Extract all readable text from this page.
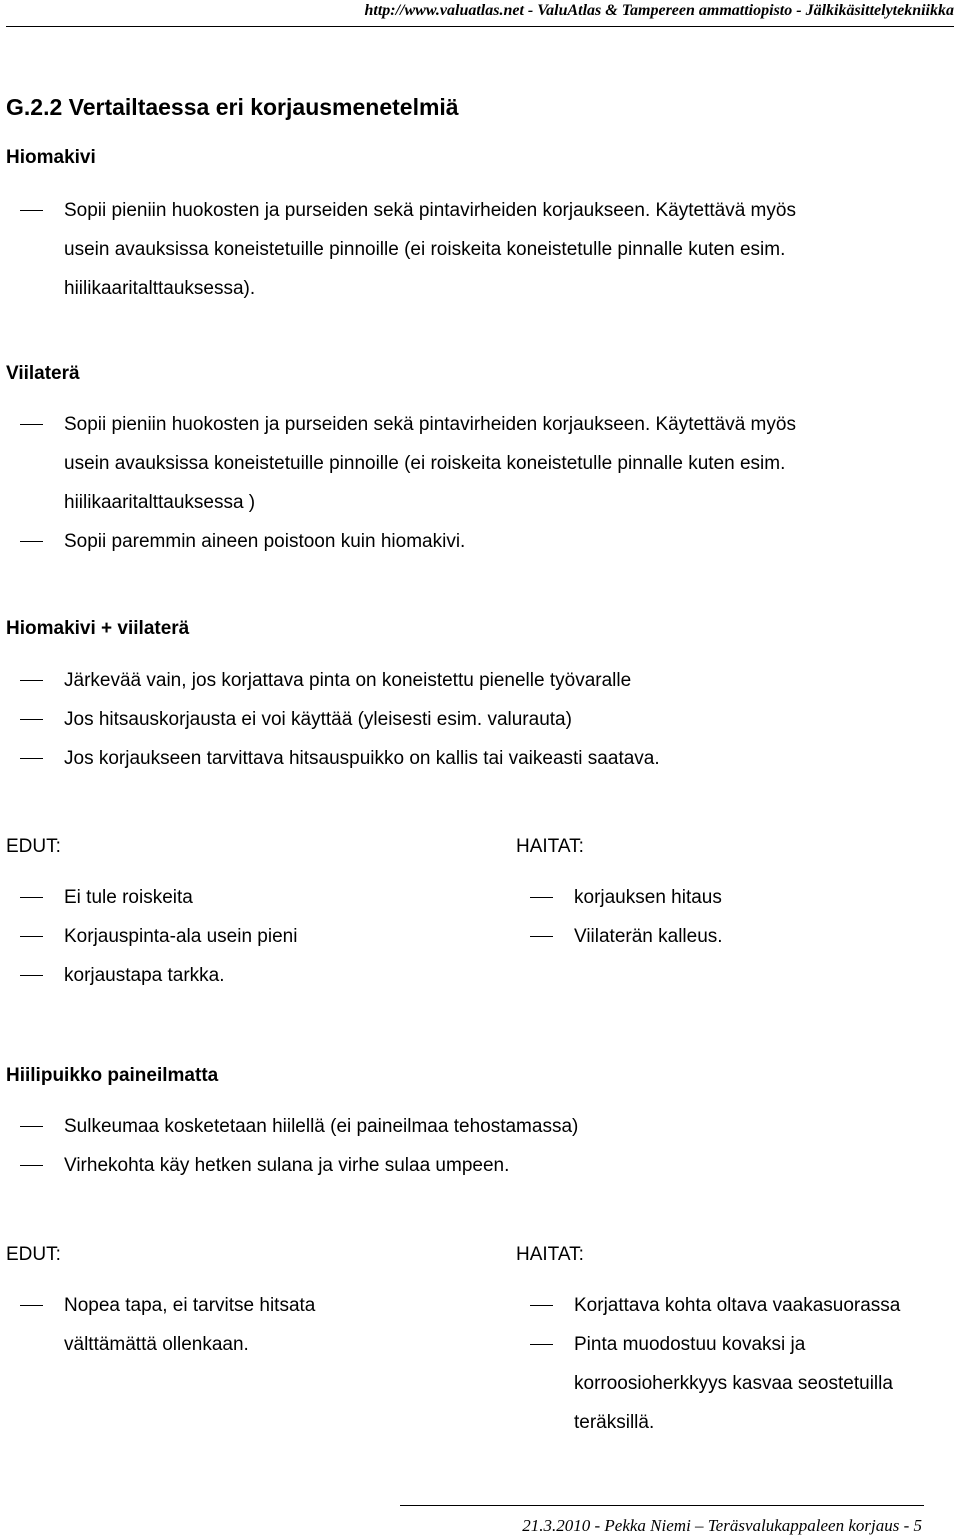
http://www.valuatlas.net - ValuAtlas & Tampereen ammattiopisto - Jälkikäsittelytekniikka
G.2.2 Vertailtaessa eri korjausmenetelmiä
Hiomakivi
Sopii pieniin huokosten ja purseiden sekä pintavirheiden korjaukseen. Käytettävä myös
usein avauksissa koneistetuille pinnoille (ei roiskeita koneistetulle pinnalle kuten esim.
hiilikaaritalttauksessa).
Viilaterä
Sopii pieniin huokosten ja purseiden sekä pintavirheiden korjaukseen. Käytettävä myös
usein avauksissa koneistetuille pinnoille (ei roiskeita koneistetulle pinnalle kuten esim.
hiilikaaritalttauksessa )
Sopii paremmin aineen poistoon kuin hiomakivi.
Hiomakivi + viilaterä
Järkevää vain, jos korjattava pinta on koneistettu pienelle työvaralle
Jos hitsauskorjausta ei voi käyttää (yleisesti esim. valurauta)
Jos korjaukseen tarvittava hitsauspuikko on kallis tai vaikeasti saatava.
EDUT:	HAITAT:
Ei tule roiskeita
Korjauspinta-ala usein pieni
korjaustapa tarkka.
korjauksen hitaus
Viilaterän kalleus.
Hiilipuikko paineilmatta
Sulkeumaa kosketetaan hiilellä (ei paineilmaa tehostamassa)
Virhekohta käy hetken sulana ja virhe sulaa umpeen.
EDUT:	HAITAT:
Nopea tapa, ei tarvitse hitsata
välttämättä ollenkaan.
Korjattava kohta oltava vaakasuorassa
Pinta muodostuu kovaksi ja
korroosioherkkyys kasvaa seostetuilla
teräksillä.
21.3.2010 - Pekka Niemi – Teräsvalukappaleen korjaus - 5
